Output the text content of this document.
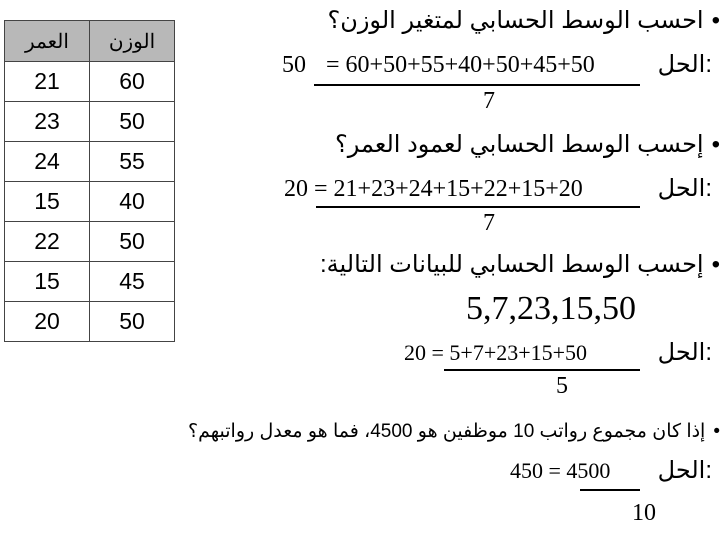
العمر	الوزن
21	60
23	50
24	55
15	40
22	50
15	45
20	50
•احسب الوسط الحسابي لمتغير الوزن؟
الحل:
50 = 60+50+55+40+50+45+50
7
•إحسب الوسط الحسابي لعمود العمر؟
الحل:
20 = 21+23+24+15+22+15+20
7
•إحسب الوسط الحسابي للبيانات التالية:
5,7,23,15,50
الحل:
20 = 5+7+23+15+50
5
•إذا كان مجموع رواتب 10 موظفين هو 4500، فما هو معدل رواتبهم؟
الحل:
450 = 4500
10
